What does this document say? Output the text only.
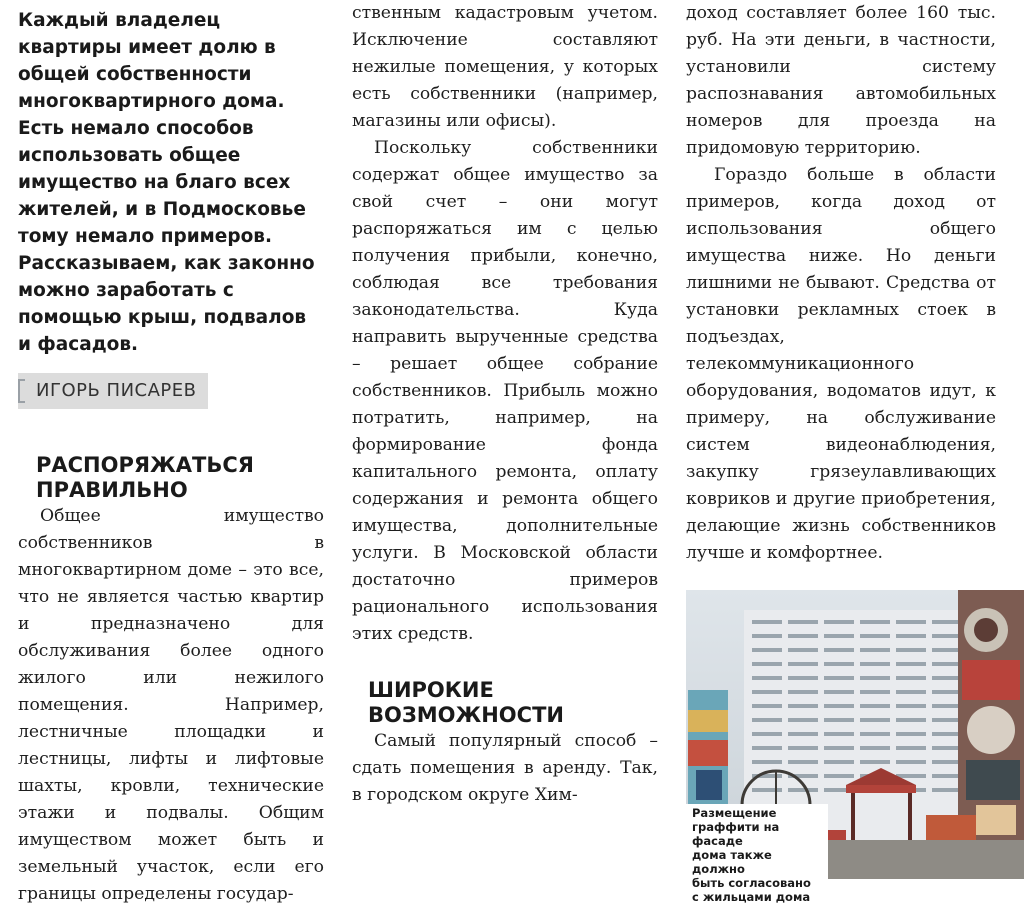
Каждый владелец квартиры имеет долю в общей собственности многоквартирного дома. Есть немало способов использовать общее имущество на благо всех жителей, и в Подмосковье тому немало примеров. Рассказываем, как законно можно заработать с помощью крыш, подвалов и фасадов.

ИГОРЬ ПИСАРЕВ
РАСПОРЯЖАТЬСЯ ПРАВИЛЬНО

Общее имущество собственников в многоквартирном доме – это все, что не является частью квартир и предназначено для обслуживания более одного жилого или нежилого помещения. Например, лестничные площадки и лестницы, лифты и лифтовые шахты, кровли, технические этажи и подвалы. Общим имуществом может быть и земельный участок, если его границы определены государ-

ственным кадастровым учетом. Исключение составляют нежилые помещения, у которых есть собственники (например, магазины или офисы).

Поскольку собственники содержат общее имущество за свой счет – они могут распоряжаться им с целью получения прибыли, конечно, соблюдая все требования законодательства. Куда направить вырученные средства – решает общее собрание собственников. Прибыль можно потратить, например, на формирование фонда капитального ремонта, оплату содержания и ремонта общего имущества, дополнительные услуги. В Московской области достаточно примеров рационального использования этих средств.

ШИРОКИЕ ВОЗМОЖНОСТИ

Самый популярный способ – сдать помещения в аренду. Так, в городском округе Хим-

доход составляет более 160 тыс. руб. На эти деньги, в частности, установили систему распознавания автомобильных номеров для проезда на придомовую территорию.

Гораздо больше в области примеров, когда доход от использования общего имущества ниже. Но деньги лишними не бывают. Средства от установки рекламных стоек в подъездах, телекоммуникационного оборудования, водоматов идут, к примеру, на обслуживание систем видеонаблюдения, закупку грязеулавливающих ковриков и другие приобретения, делающие жизнь собственников лучше и комфортнее.

Размещение
граффити на фасаде
дома также должно
быть согласовано
с жильцами дома
